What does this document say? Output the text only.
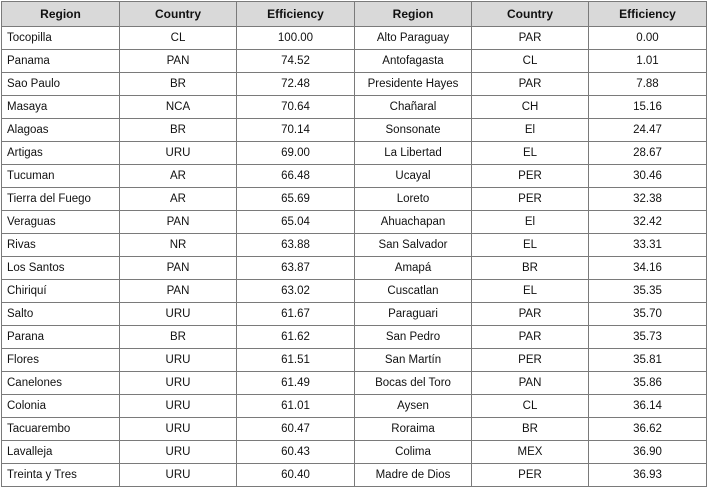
Region	Country	Efficiency	Region	Country	Efficiency
Tocopilla	CL	100.00	Alto Paraguay	PAR	0.00
Panama	PAN	74.52	Antofagasta	CL	1.01
Sao Paulo	BR	72.48	Presidente Hayes	PAR	7.88
Masaya	NCA	70.64	Chañaral	CH	15.16
Alagoas	BR	70.14	Sonsonate	El	24.47
Artigas	URU	69.00	La Libertad	EL	28.67
Tucuman	AR	66.48	Ucayal	PER	30.46
Tierra del Fuego	AR	65.69	Loreto	PER	32.38
Veraguas	PAN	65.04	Ahuachapan	El	32.42
Rivas	NR	63.88	San Salvador	EL	33.31
Los Santos	PAN	63.87	Amapá	BR	34.16
Chiriquí	PAN	63.02	Cuscatlan	EL	35.35
Salto	URU	61.67	Paraguari	PAR	35.70
Parana	BR	61.62	San Pedro	PAR	35.73
Flores	URU	61.51	San Martín	PER	35.81
Canelones	URU	61.49	Bocas del Toro	PAN	35.86
Colonia	URU	61.01	Aysen	CL	36.14
Tacuarembo	URU	60.47	Roraima	BR	36.62
Lavalleja	URU	60.43	Colima	MEX	36.90
Treinta y Tres	URU	60.40	Madre de Dios	PER	36.93
